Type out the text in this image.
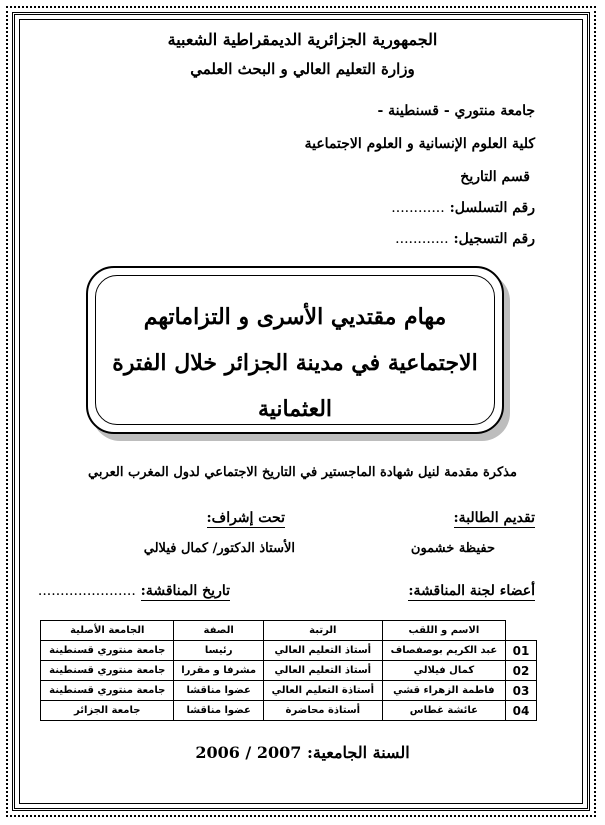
الجمهورية الجزائرية الديمقراطية الشعبية
وزارة التعليم العالي و البحث العلمي
جامعة منتوري - قسنطينة -
كلية العلوم الإنسانية و العلوم الاجتماعية
قسم التاريخ
رقم التسلسل: ............
رقم التسجيل: ............
مهام مقتديي الأسرى و التزاماتهم
الاجتماعية في مدينة الجزائر خلال الفترة
العثمانية
مذكرة مقدمة لنيل شهادة الماجستير في التاريخ الاجتماعي لدول المغرب العربي
تقديم الطالبة:
تحت إشراف:
حفيظة خشمون
الأستاذ الدكتور/ كمال فيلالي
أعضاء لجنة المناقشة:
تاريخ المناقشة: ......................
	الاسم و اللقب	الرتبة	الصفة	الجامعة الأصلية
01	عبد الكريم بوصفصاف	أستاذ التعليم العالي	رئيسا	جامعة منتوري قسنطينة
02	كمال فيلالي	أستاذ التعليم العالي	مشرفا و مقررا	جامعة منتوري قسنطينة
03	فاطمة الزهراء قشي	أستاذة التعليم العالي	عضوا مناقشا	جامعة منتوري قسنطينة
04	عائشة غطاس	أستاذة محاضرة	عضوا مناقشا	جامعة الجزائر
السنة الجامعية: 2006 / 2007
